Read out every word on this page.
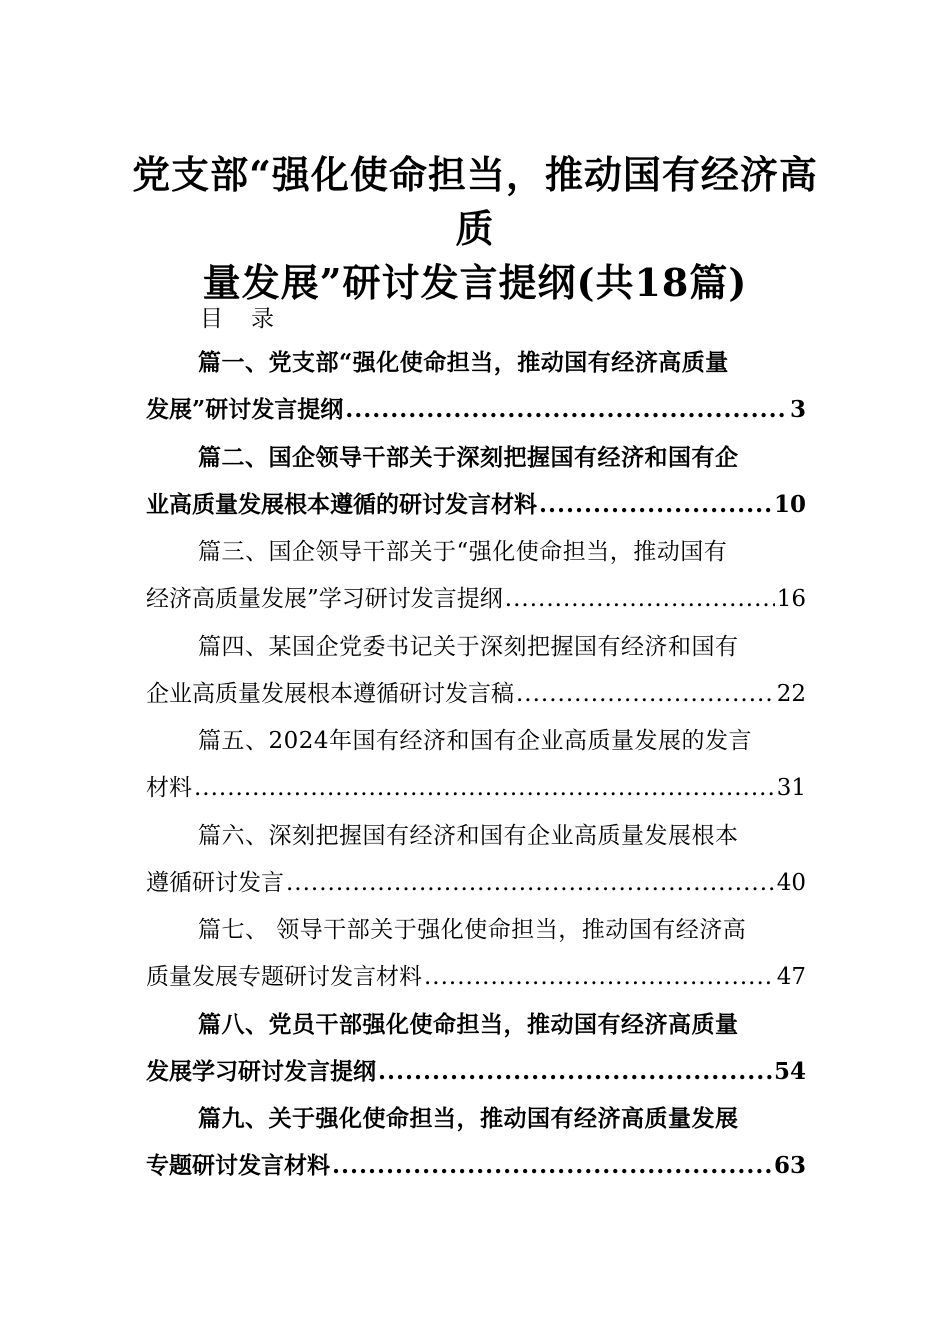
党支部“强化使命担当，推动国有经济高质
量发展”研讨发言提纲(共18篇)
目录
篇一、党支部“强化使命担当，推动国有经济高质量
发展”研讨发言提纲 .....	3
篇二、国企领导干部关于深刻把握国有经济和国有企
业高质量发展根本遵循的研讨发言材料 .....	10
篇三、国企领导干部关于“强化使命担当，推动国有
经济高质量发展”学习研讨发言提纲 .....	16
篇四、某国企党委书记关于深刻把握国有经济和国有
企业高质量发展根本遵循研讨发言稿 .....	22
篇五、2024年国有经济和国有企业高质量发展的发言
材料 .....	31
篇六、深刻把握国有经济和国有企业高质量发展根本
遵循研讨发言 .....	40
篇七、 领导干部关于强化使命担当，推动国有经济高
质量发展专题研讨发言材料 .....	47
篇八、党员干部强化使命担当，推动国有经济高质量
发展学习研讨发言提纲 .....	54
篇九、关于强化使命担当，推动国有经济高质量发展
专题研讨发言材料 .....	63
